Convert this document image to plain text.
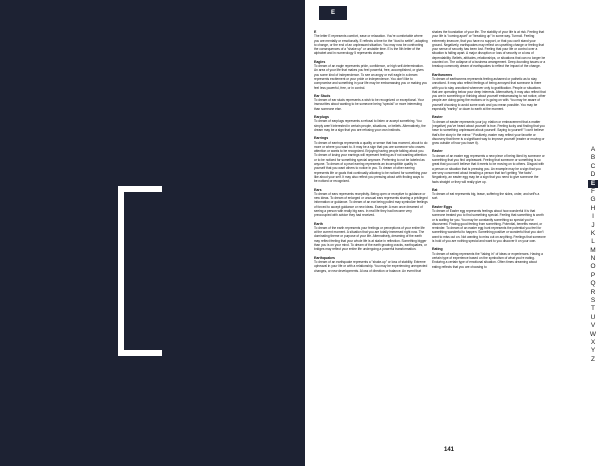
E
E
The letter E represents comfort, ease or relaxation. You're comfortable where you are mentally or emotionally. E reflects a time for the "dust to settle", adapting to change, or the end of an unpleasant situation. You may now be confronting the consequences of a "shake up" or unstable time. E is the 5th letter of the alphabet and in numerology 5 represents change.
Eagles
To dream of an eagle represents pride, confidence, or high self-determination. An area of your life that makes you feel powerful, free, accomplished, or gives you some kind of independence. To see an angry or evil eagle in a dream represents excitement or your pride or independence. You don't like to compromise and something in your life may be embarrassing you or making you feel less powerful, free, or in control.
Ear Studs
To dream of ear studs represents a wish to be recognized or exceptional. Your insecurities about wanting to be someone being "special" or more interesting than someone else.
Earplugs
To dream of earplugs represents a refusal to listen or accept something. You simply aren't interested in certain people, situations, or beliefs. Alternatively, the dream may be a sign that you are refusing your own instincts.
Earrings
To dream of earrings represents a quality or sense that has moment, about to do more or where you want to. It may be a sign that you are someone who craves attention or wants to be recognized. Enjoying having people talking about you. To dream of losing your earrings will represent feeling as if not wanting attention or to be noticed for something special anymore. Preferring to not be labeled as anyone. To dream of a pearl earring represents an incorruptible quality in yourself that you want others to notice in you. To dream of other earring represents life or goals that continually allowing to be noticed for something your like about your self. It may also reflect you pressing about with finding ways to be noticed or recognized.
Ears
To dream of ears represents receptivity. Being open or receptive to guidance or new ideas. To dream of enlarged or unusual ears represents sharing a privileged information or guidance. To dream of an ear being pulled may symbolize feelings of forced to accept guidance or new ideas. Example: A man once dreamed of seeing a person with really big ears. In real life they had become very preoccupied with advice they had received.
Earth
To dream of the earth represents your feelings or perceptions of your entire life at the current moment. A situation that you are totally immersed right now. The dominating theme or purpose of your life. Alternatively, dreaming of the earth may reflect feeling that your whole life is at stake in reflection. Something bigger than you is on your mind. To dream of the earth growing cracks, earthquakes, or bridges may reflect your entire life undergoing a powerful transformation.
Earthquakes
To dream of an earthquake represents a "shake-up" or loss of stability. Extreme upheaval in your life or with a relationship. You may be experiencing unexpected changes, or new developments. A loss of direction or balance. An event that
shakes the foundation of your life. The stability of your life is at risk. Feeling that your life is "coming apart" or "breaking up" in some way. Turmoil. Feeling extremely insecure, that you have no support, or that you can't stand your ground. Negatively, earthquakes may reflect an upsetting change or feeling that your sense of security has been lost. Feeling that your life or control over a situation is falling apart. A major disruption or loss of security or a loss of dependability. Beliefs, attitudes, relationships, or situations that can no longer be counted on. The collapse of a business arrangement. Deep-founding issues or a breakup commonly dream of earthquakes to reflect the impact of the change.
Earthworms
To dream of earthworms represents feeling ashamed or pathetic as to stay unnoticed. It may also reflect feelings of being annoyed that someone is there with you to stay unnoticed whenever only to gratification. People or situations that are operating below your deep interests. Alternatively, it may also reflect that you are in something or thinking about yourself embarrassing to not notice, other people are doing going the motions or is going on with. You may be aware of yourself choosing to avoid some work and you mean possible. You may be especially "earthy" or down to earth at the moment.
Easter
To dream of easter represents your joy, elation or embracement that a matter (negative) you've heard about yourself is true. Feeling lucky and finding that you have to something unpleasant about yourself. Saying to yourself "I can't believe that's the story in the mirror." Positively, easter may reflect your favorite or discovery that there is a significant way to improve yourself (easter or moving or grow outside of how you have it).
Easter
To dream of an easter egg represents a new piece of being liked by someone or something that you find unpleasant. Feeling that someone or something is so great that you can't believe that it meets to be moving on to others. Disgust with a person or situation that is pressing you. An example may be a sign that you are very concerned about treading a person that isn't getting "the facts". Negatively, an easter egg may be a sign that you need to give someone the facts straight or they will really give up.
Eat
To dream of eat represents big, tease, suffering the sides, order, and self's a sort.
Easter Eggs
To dream of Easter egg represents feelings about how wonderful it is that someone treated you to find something special. Feeling that something is worth or is waiting for you. You may be constantly something so special you've discovered. Finding good feeling from something. Potential, benefits meant, or reminder. To dream of an easter egg hunt represents the potential you feel for something wonderful to happen. Something positive or wonderful that you don't want to miss out on. Not wanting to miss out on anything. Feelings that someone is hold of you are nothing special and want to you discover it on your own.
Eating
To dream of eating represents the "taking in" of ideas or experiences. Having a certain type of experience based on the symbolism of what you're eating. Enduring a certain type of emotional situation. Often times dreaming about eating reflects that you are choosing to
141
A
B
C
D
E
F
G
H
I
J
K
L
M
N
O
P
Q
R
S
T
U
V
W
X
Y
Z
